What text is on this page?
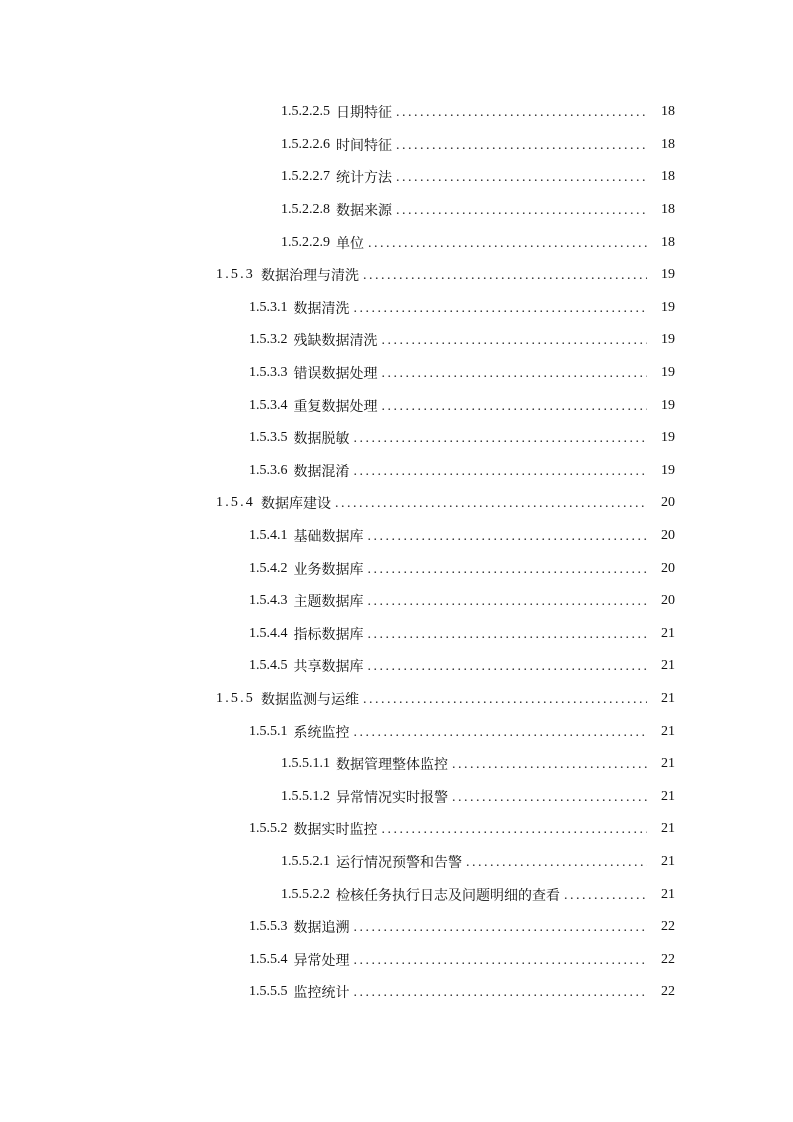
1.5.2.2.5 日期特征 . . .	18
1.5.2.2.6 时间特征 . . .	18
1.5.2.2.7 统计方法 . . .	18
1.5.2.2.8 数据来源 . . .	18
1.5.2.2.9 单位 . . .	18
1.5.3 数据治理与清洗 . . .	19
1.5.3.1 数据清洗 . . .	19
1.5.3.2 残缺数据清洗 . . .	19
1.5.3.3 错误数据处理 . . .	19
1.5.3.4 重复数据处理 . . .	19
1.5.3.5 数据脱敏 . . .	19
1.5.3.6 数据混淆 . . .	19
1.5.4 数据库建设 . . .	20
1.5.4.1 基础数据库 . . .	20
1.5.4.2 业务数据库 . . .	20
1.5.4.3 主题数据库 . . .	20
1.5.4.4 指标数据库 . . .	21
1.5.4.5 共享数据库 . . .	21
1.5.5 数据监测与运维 . . .	21
1.5.5.1 系统监控 . . .	21
1.5.5.1.1 数据管理整体监控 . . .	21
1.5.5.1.2 异常情况实时报警 . . .	21
1.5.5.2 数据实时监控 . . .	21
1.5.5.2.1 运行情况预警和告警 . . .	21
1.5.5.2.2 检核任务执行日志及问题明细的查看 . . .	21
1.5.5.3 数据追溯 . . .	22
1.5.5.4 异常处理 . . .	22
1.5.5.5 监控统计 . . .	22
